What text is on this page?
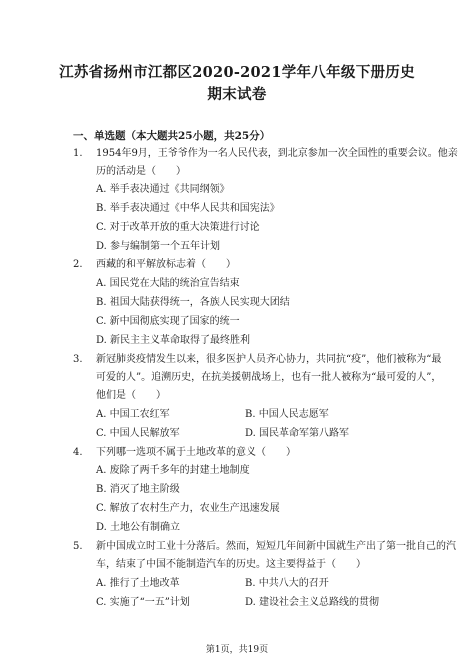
江苏省扬州市江都区2020-2021学年八年级下册历史
期末试卷
一、单选题（本大题共25小题，共25分）
1. 1954年9月，王爷爷作为一名人民代表，到北京参加一次全国性的重要会议。他亲
历的活动是（　　）
A. 举手表决通过《共同纲领》
B. 举手表决通过《中华人民共和国宪法》
C. 对于改革开放的重大决策进行讨论
D. 参与编制第一个五年计划
2. 西藏的和平解放标志着（　　）
A. 国民党在大陆的统治宣告结束
B. 祖国大陆获得统一，各族人民实现大团结
C. 新中国彻底实现了国家的统一
D. 新民主主义革命取得了最终胜利
3. 新冠肺炎疫情发生以来，很多医护人员齐心协力，共同抗“疫”，他们被称为“最
可爱的人”。追溯历史，在抗美援朝战场上，也有一批人被称为“最可爱的人”，
他们是（　　）
A. 中国工农红军	B. 中国人民志愿军
C. 中国人民解放军	D. 国民革命军第八路军
4. 下列哪一选项不属于土地改革的意义（　　）
A. 废除了两千多年的封建土地制度
B. 消灭了地主阶级
C. 解放了农村生产力，农业生产迅速发展
D. 土地公有制确立
5. 新中国成立时工业十分落后。然而，短短几年间新中国就生产出了第一批自己的汽
车，结束了中国不能制造汽车的历史。这主要得益于（　　）
A. 推行了土地改革	B. 中共八大的召开
C. 实施了“一五”计划	D. 建设社会主义总路线的贯彻
第1页，共19页
